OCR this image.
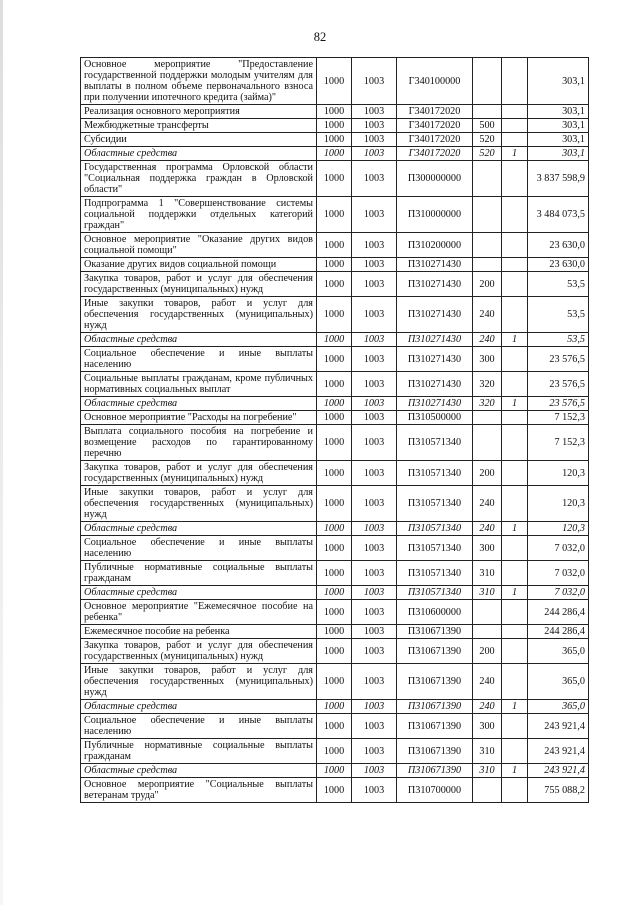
82
Основное мероприятие "Предоставление государственной поддержки молодым учителям для выплаты в полном объеме первоначального взноса при получении ипотечного кредита (займа)"	1000	1003	Г340100000			303,1
Реализация основного мероприятия	1000	1003	Г340172020			303,1
Межбюджетные трансферты	1000	1003	Г340172020	500		303,1
Субсидии	1000	1003	Г340172020	520		303,1
Областные средства	1000	1003	Г340172020	520	1	303,1
Государственная программа Орловской области "Социальная поддержка граждан в Орловской области"	1000	1003	П300000000			3 837 598,9
Подпрограмма 1 "Совершенствование системы социальной поддержки отдельных категорий граждан"	1000	1003	П310000000			3 484 073,5
Основное мероприятие "Оказание других видов социальной помощи"	1000	1003	П310200000			23 630,0
Оказание других видов социальной помощи	1000	1003	П310271430			23 630,0
Закупка товаров, работ и услуг для обеспечения государственных (муниципальных) нужд	1000	1003	П310271430	200		53,5
Иные закупки товаров, работ и услуг для обеспечения государственных (муниципальных) нужд	1000	1003	П310271430	240		53,5
Областные средства	1000	1003	П310271430	240	1	53,5
Социальное обеспечение и иные выплаты населению	1000	1003	П310271430	300		23 576,5
Социальные выплаты гражданам, кроме публичных нормативных социальных выплат	1000	1003	П310271430	320		23 576,5
Областные средства	1000	1003	П310271430	320	1	23 576,5
Основное мероприятие "Расходы на погребение"	1000	1003	П310500000			7 152,3
Выплата социального пособия на погребение и возмещение расходов по гарантированному перечню	1000	1003	П310571340			7 152,3
Закупка товаров, работ и услуг для обеспечения государственных (муниципальных) нужд	1000	1003	П310571340	200		120,3
Иные закупки товаров, работ и услуг для обеспечения государственных (муниципальных) нужд	1000	1003	П310571340	240		120,3
Областные средства	1000	1003	П310571340	240	1	120,3
Социальное обеспечение и иные выплаты населению	1000	1003	П310571340	300		7 032,0
Публичные нормативные социальные выплаты гражданам	1000	1003	П310571340	310		7 032,0
Областные средства	1000	1003	П310571340	310	1	7 032,0
Основное мероприятие "Ежемесячное пособие на ребенка"	1000	1003	П310600000			244 286,4
Ежемесячное пособие на ребенка	1000	1003	П310671390			244 286,4
Закупка товаров, работ и услуг для обеспечения государственных (муниципальных) нужд	1000	1003	П310671390	200		365,0
Иные закупки товаров, работ и услуг для обеспечения государственных (муниципальных) нужд	1000	1003	П310671390	240		365,0
Областные средства	1000	1003	П310671390	240	1	365,0
Социальное обеспечение и иные выплаты населению	1000	1003	П310671390	300		243 921,4
Публичные нормативные социальные выплаты гражданам	1000	1003	П310671390	310		243 921,4
Областные средства	1000	1003	П310671390	310	1	243 921,4
Основное мероприятие "Социальные выплаты ветеранам труда"	1000	1003	П310700000			755 088,2
